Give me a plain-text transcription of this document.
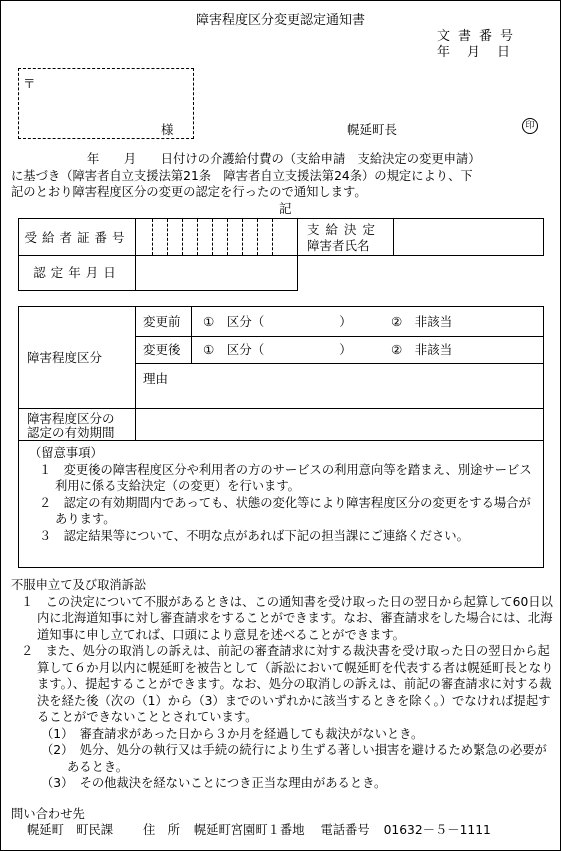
障害程度区分変更認定通知書
文書番号
年　月　日
〒
様	幌延町長	印
年　　月　　日付けの介護給付費の（支給申請　支給決定の変更申請）
に基づき（障害者自立支援法第21条　障害者自立支援法第24条）の規定により、下
記のとおり障害程度区分の変更の認定を行ったので通知します。
記
受給者証番号	支給決定
障害者氏名
認定年月日
障害程度区分
変更前 ①　区分（　　　　　　）	②　非該当
変更後 ①　区分（　　　　　　）	②　非該当
理由
障害程度区分の
認定の有効期間
（留意事項）
１　変更後の障害程度区分や利用者の方のサービスの利用意向等を踏まえ、別途サービス利用に係る支給決定（の変更）を行います。
２　認定の有効期間内であっても、状態の変化等により障害程度区分の変更をする場合があります。
３　認定結果等について、不明な点があれば下記の担当課にご連絡ください。
不服申立て及び取消訴訟
１　この決定について不服があるときは、この通知書を受け取った日の翌日から起算して60日以内に北海道知事に対し審査請求をすることができます。なお、審査請求をした場合には、北海道知事に申し立てれば、口頭により意見を述べることができます。
２　また、処分の取消しの訴えは、前記の審査請求に対する裁決書を受け取った日の翌日から起算して６か月以内に幌延町を被告として（訴訟において幌延町を代表する者は幌延町長となります。）、提起することができます。なお、処分の取消しの訴えは、前記の審査請求に対する裁決を経た後（次の（1）から（3）までのいずれかに該当するときを除く。）でなければ提起することができないこととされています。
（1）　審査請求があった日から３か月を経過しても裁決がないとき。
（2）　処分、処分の執行又は手続の続行により生ずる著しい損害を避けるため緊急の必要があるとき。
（3）　その他裁決を経ないことにつき正当な理由があるとき。
問い合わせ先
幌延町　町民課 住　所 幌延町宮園町１番地 電話番号 01632－５－1111
